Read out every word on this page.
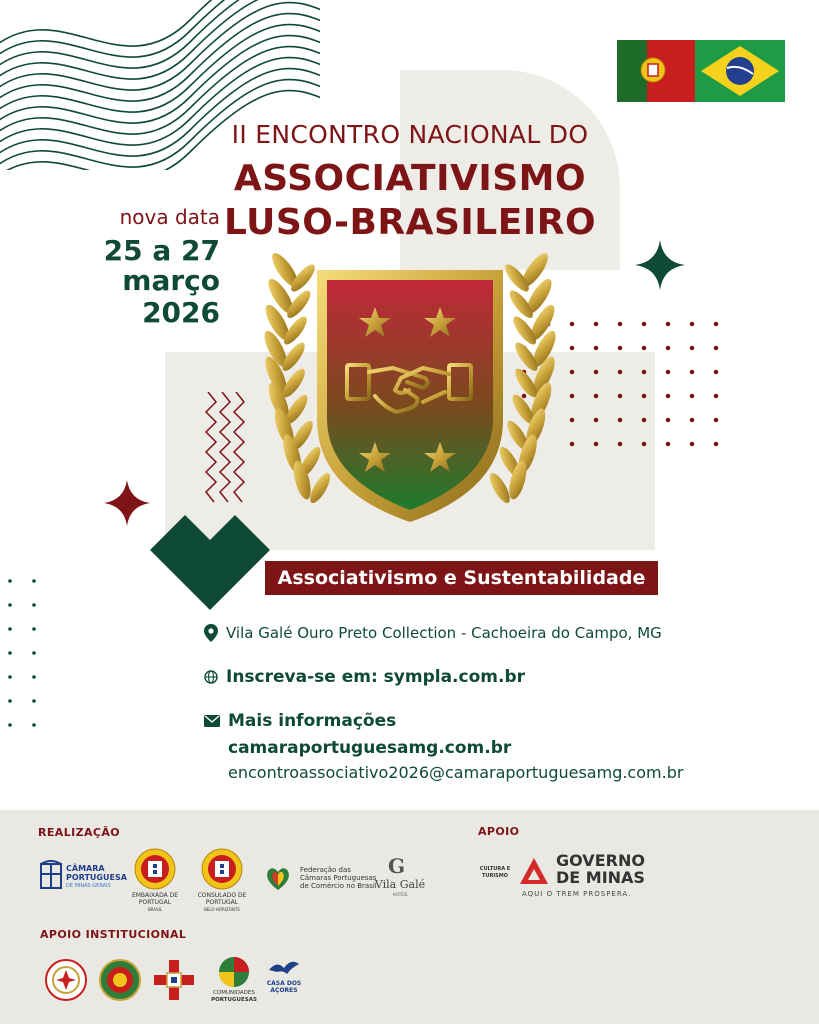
II ENCONTRO NACIONAL DO
ASSOCIATIVISMO
LUSO-BRASILEIRO
nova data
25 a 27
março
2026
Associativismo e Sustentabilidade
Vila Galé Ouro Preto Collection - Cachoeira do Campo, MG
Inscreva-se em: sympla.com.br
Mais informações
camaraportuguesamg.com.br
encontroassociativo2026@camaraportuguesamg.com.br
REALIZAÇÃO	APOIO
APOIO INSTITUCIONAL
CÂMARA
PORTUGUESA
DE MINAS GERAIS
EMBAIXADA DE PORTUGAL
BRASIL
CONSULADO DE PORTUGAL
BELO HORIZONTE
Federação das
Câmaras Portuguesas
de Comércio no Brasil
G
Vila Galé
HOTÉIS
CULTURA E
TURISMO
GOVERNO
DE MINAS
AQUI O TREM PROSPERA.
COMUNIDADES
PORTUGUESAS
CASA DOS
AÇORES
